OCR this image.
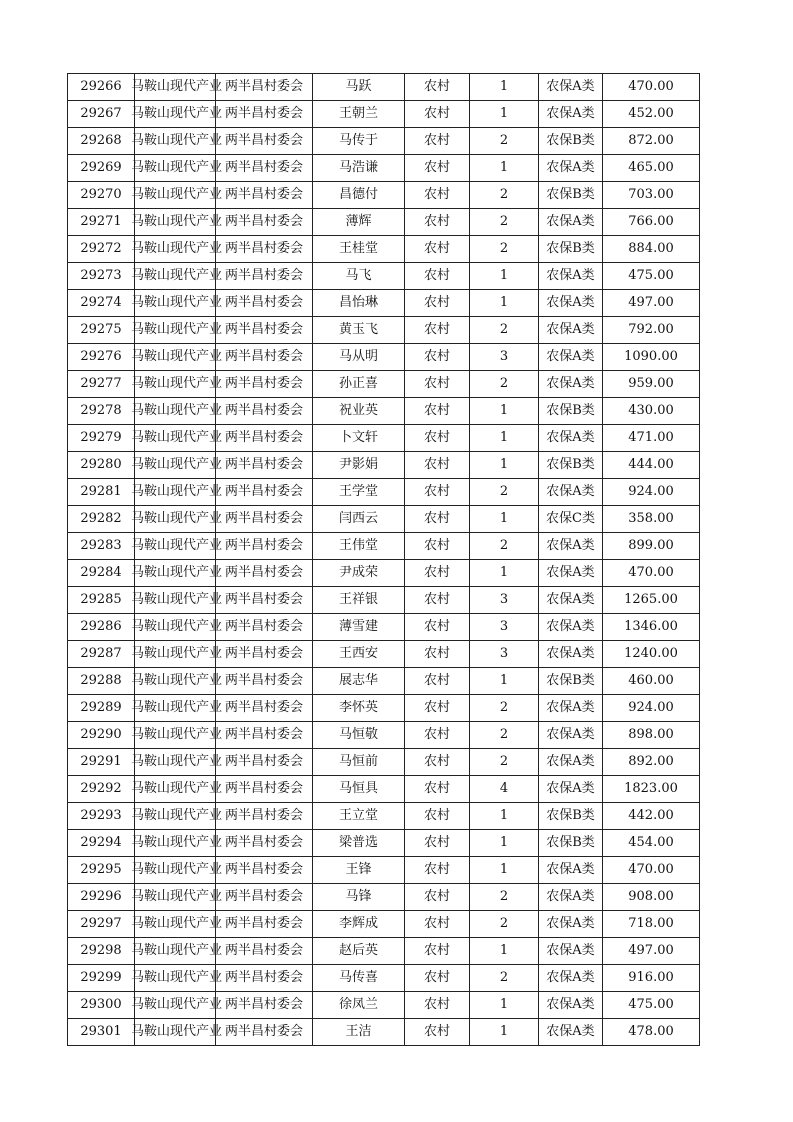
29266	马鞍山现代产业	两半昌村委会	马跃	农村	1	农保A类	470.00
29267	马鞍山现代产业	两半昌村委会	王朝兰	农村	1	农保A类	452.00
29268	马鞍山现代产业	两半昌村委会	马传于	农村	2	农保B类	872.00
29269	马鞍山现代产业	两半昌村委会	马浩谦	农村	1	农保A类	465.00
29270	马鞍山现代产业	两半昌村委会	昌德付	农村	2	农保B类	703.00
29271	马鞍山现代产业	两半昌村委会	薄辉	农村	2	农保A类	766.00
29272	马鞍山现代产业	两半昌村委会	王桂堂	农村	2	农保B类	884.00
29273	马鞍山现代产业	两半昌村委会	马飞	农村	1	农保A类	475.00
29274	马鞍山现代产业	两半昌村委会	昌怡琳	农村	1	农保A类	497.00
29275	马鞍山现代产业	两半昌村委会	黄玉飞	农村	2	农保A类	792.00
29276	马鞍山现代产业	两半昌村委会	马从明	农村	3	农保A类	1090.00
29277	马鞍山现代产业	两半昌村委会	孙正喜	农村	2	农保A类	959.00
29278	马鞍山现代产业	两半昌村委会	祝业英	农村	1	农保B类	430.00
29279	马鞍山现代产业	两半昌村委会	卜文轩	农村	1	农保A类	471.00
29280	马鞍山现代产业	两半昌村委会	尹影娟	农村	1	农保B类	444.00
29281	马鞍山现代产业	两半昌村委会	王学堂	农村	2	农保A类	924.00
29282	马鞍山现代产业	两半昌村委会	闫西云	农村	1	农保C类	358.00
29283	马鞍山现代产业	两半昌村委会	王伟堂	农村	2	农保A类	899.00
29284	马鞍山现代产业	两半昌村委会	尹成荣	农村	1	农保A类	470.00
29285	马鞍山现代产业	两半昌村委会	王祥银	农村	3	农保A类	1265.00
29286	马鞍山现代产业	两半昌村委会	薄雪建	农村	3	农保A类	1346.00
29287	马鞍山现代产业	两半昌村委会	王西安	农村	3	农保A类	1240.00
29288	马鞍山现代产业	两半昌村委会	展志华	农村	1	农保B类	460.00
29289	马鞍山现代产业	两半昌村委会	李怀英	农村	2	农保A类	924.00
29290	马鞍山现代产业	两半昌村委会	马恒敬	农村	2	农保A类	898.00
29291	马鞍山现代产业	两半昌村委会	马恒前	农村	2	农保A类	892.00
29292	马鞍山现代产业	两半昌村委会	马恒具	农村	4	农保A类	1823.00
29293	马鞍山现代产业	两半昌村委会	王立堂	农村	1	农保B类	442.00
29294	马鞍山现代产业	两半昌村委会	梁普选	农村	1	农保B类	454.00
29295	马鞍山现代产业	两半昌村委会	王锋	农村	1	农保A类	470.00
29296	马鞍山现代产业	两半昌村委会	马锋	农村	2	农保A类	908.00
29297	马鞍山现代产业	两半昌村委会	李辉成	农村	2	农保A类	718.00
29298	马鞍山现代产业	两半昌村委会	赵后英	农村	1	农保A类	497.00
29299	马鞍山现代产业	两半昌村委会	马传喜	农村	2	农保A类	916.00
29300	马鞍山现代产业	两半昌村委会	徐凤兰	农村	1	农保A类	475.00
29301	马鞍山现代产业	两半昌村委会	王洁	农村	1	农保A类	478.00
